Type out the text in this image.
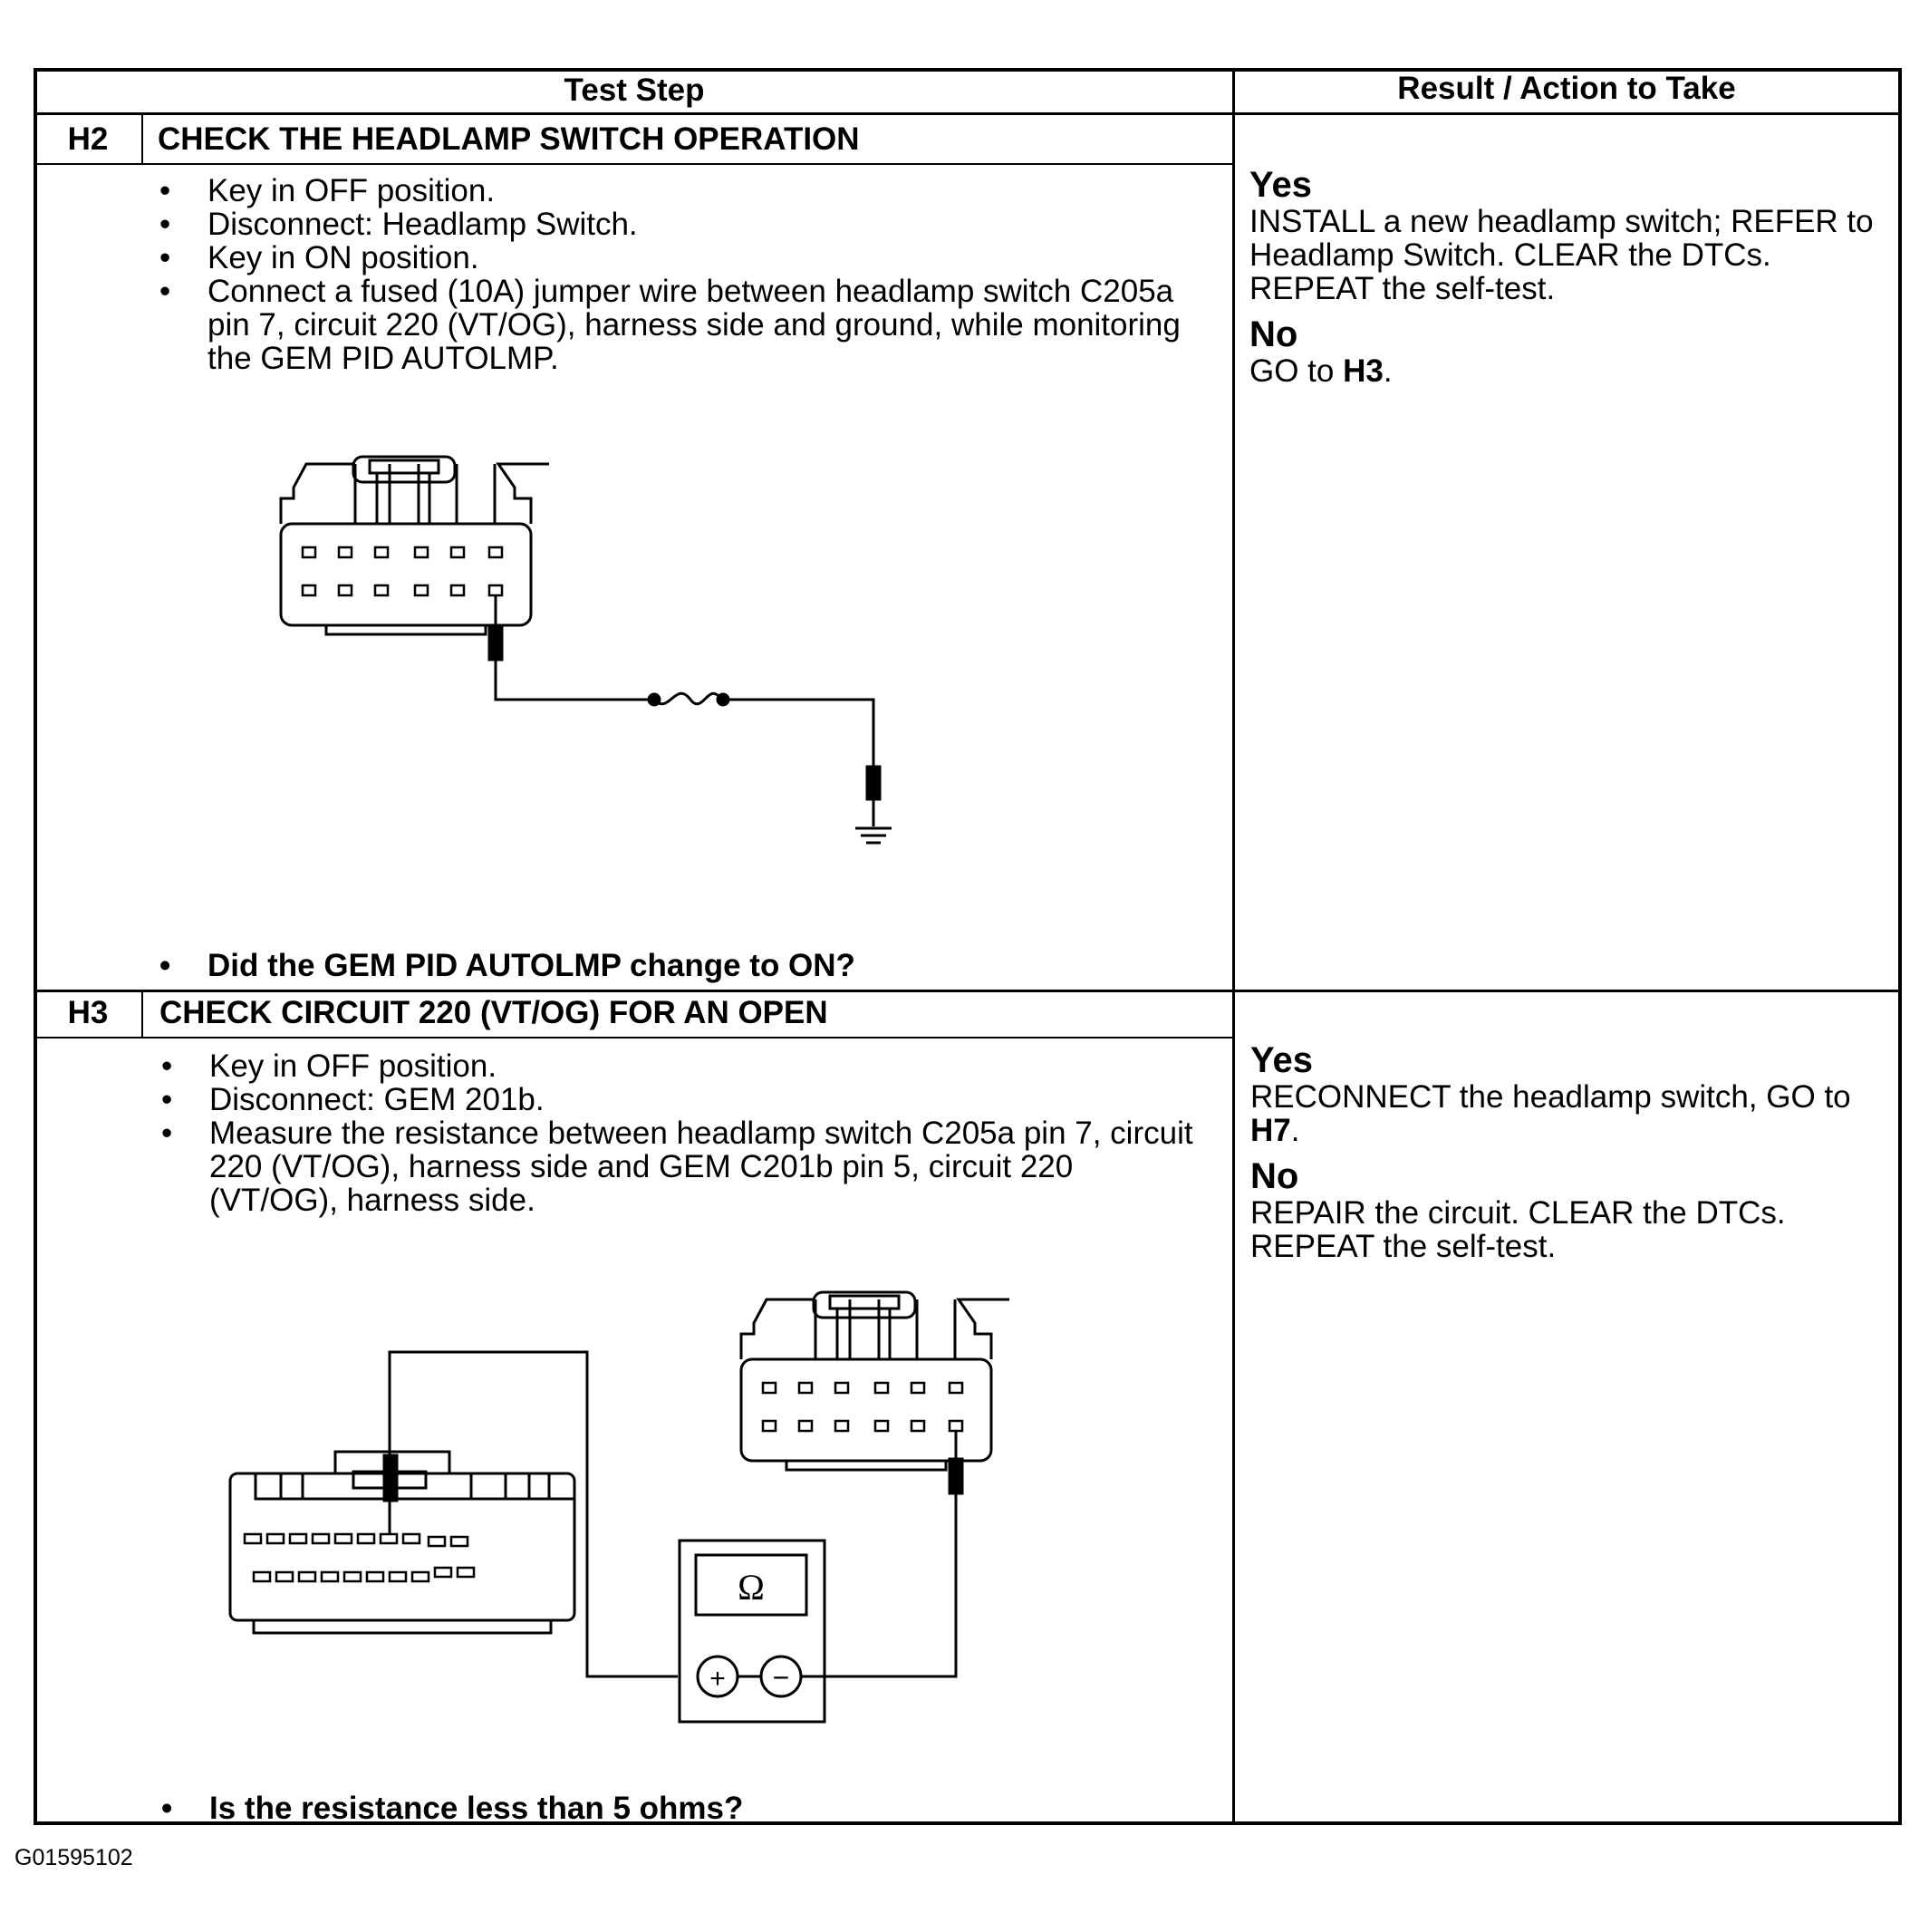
Test Step	Result / Action to Take
H2	CHECK THE HEADLAMP SWITCH OPERATION
• Key in OFF position.
• Disconnect: Headlamp Switch.
• Key in ON position.
• Connect a fused (10A) jumper wire between headlamp switch C205a pin 7, circuit 220 (VT/OG), harness side and ground, while monitoring the GEM PID AUTOLMP.
• Did the GEM PID AUTOLMP change to ON?
Yes

INSTALL a new headlamp switch; REFER to Headlamp Switch. CLEAR the DTCs. REPEAT the self-test.

No

GO to H3.

H3	CHECK CIRCUIT 220 (VT/OG) FOR AN OPEN
• Key in OFF position.
• Disconnect: GEM 201b.
• Measure the resistance between headlamp switch C205a pin 7, circuit 220 (VT/OG), harness side and GEM C201b pin 5, circuit 220 (VT/OG), harness side.
Ω
+ −
• Is the resistance less than 5 ohms?
Yes

RECONNECT the headlamp switch, GO to H7.

No

REPAIR the circuit. CLEAR the DTCs. REPEAT the self-test.

G01595102
